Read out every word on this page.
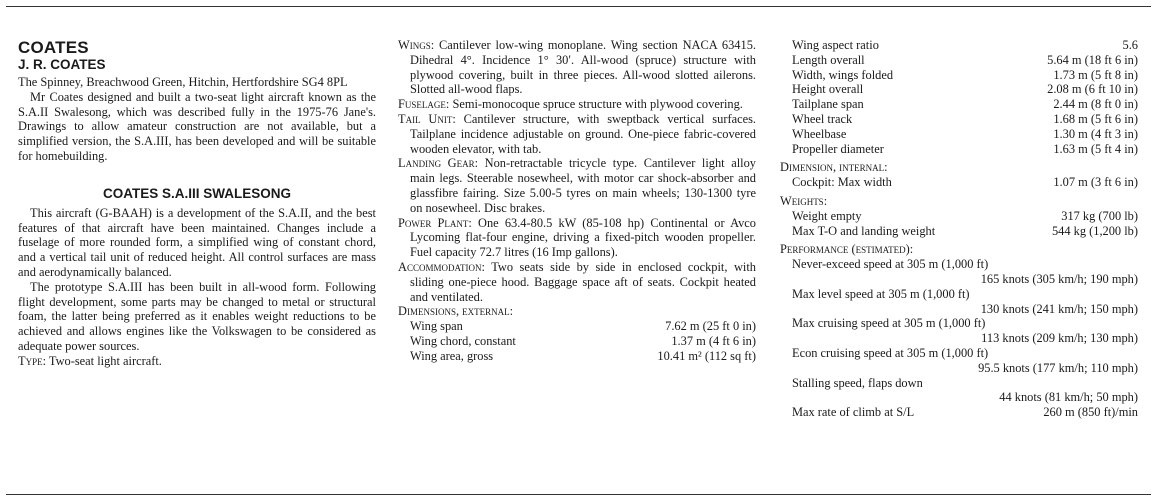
COATES
J. R. COATES

The Spinney, Breachwood Green, Hitchin, Hertfordshire SG4 8PL

Mr Coates designed and built a two-seat light aircraft known as the S.A.II Swalesong, which was described fully in the 1975-76 Jane's. Drawings to allow amateur construction are not available, but a simplified version, the S.A.III, has been developed and will be suitable for homebuilding.

COATES S.A.III SWALESONG

This aircraft (G-BAAH) is a development of the S.A.II, and the best features of that aircraft have been maintained. Changes include a fuselage of more rounded form, a simplified wing of constant chord, and a vertical tail unit of reduced height. All control surfaces are mass and aerodynamically balanced.

The prototype S.A.III has been built in all-wood form. Following flight development, some parts may be changed to metal or structural foam, the latter being preferred as it enables weight reductions to be achieved and allows engines like the Volkswagen to be considered as adequate power sources.

Type: Two-seat light aircraft.

Wings: Cantilever low-wing monoplane. Wing section NACA 63415. Dihedral 4°. Incidence 1° 30′. All-wood (spruce) structure with plywood covering, built in three pieces. All-wood slotted ailerons. Slotted all-wood flaps.

Fuselage: Semi-monocoque spruce structure with plywood covering.

Tail Unit: Cantilever structure, with sweptback vertical surfaces. Tailplane incidence adjustable on ground. One-piece fabric-covered wooden elevator, with tab.

Landing Gear: Non-retractable tricycle type. Cantilever light alloy main legs. Steerable nosewheel, with motor car shock-absorber and glassfibre fairing. Size 5.00-5 tyres on main wheels; 130-1300 tyre on nosewheel. Disc brakes.

Power Plant: One 63.4-80.5 kW (85-108 hp) Continental or Avco Lycoming flat-four engine, driving a fixed-pitch wooden propeller. Fuel capacity 72.7 litres (16 Imp gallons).

Accommodation: Two seats side by side in enclosed cockpit, with sliding one-piece hood. Baggage space aft of seats. Cockpit heated and ventilated.

Dimensions, external:
Wing span	7.62 m (25 ft 0 in)
Wing chord, constant	1.37 m (4 ft 6 in)
Wing area, gross	10.41 m² (112 sq ft)
Wing aspect ratio	5.6
Length overall	5.64 m (18 ft 6 in)
Width, wings folded	1.73 m (5 ft 8 in)
Height overall	2.08 m (6 ft 10 in)
Tailplane span	2.44 m (8 ft 0 in)
Wheel track	1.68 m (5 ft 6 in)
Wheelbase	1.30 m (4 ft 3 in)
Propeller diameter	1.63 m (5 ft 4 in)
Dimension, internal:
Cockpit: Max width	1.07 m (3 ft 6 in)
Weights:
Weight empty	317 kg (700 lb)
Max T-O and landing weight	544 kg (1,200 lb)
Performance (estimated):
Never-exceed speed at 305 m (1,000 ft)
165 knots (305 km/h; 190 mph)
Max level speed at 305 m (1,000 ft)
130 knots (241 km/h; 150 mph)
Max cruising speed at 305 m (1,000 ft)
113 knots (209 km/h; 130 mph)
Econ cruising speed at 305 m (1,000 ft)
95.5 knots (177 km/h; 110 mph)
Stalling speed, flaps down
44 knots (81 km/h; 50 mph)
Max rate of climb at S/L	260 m (850 ft)/min
